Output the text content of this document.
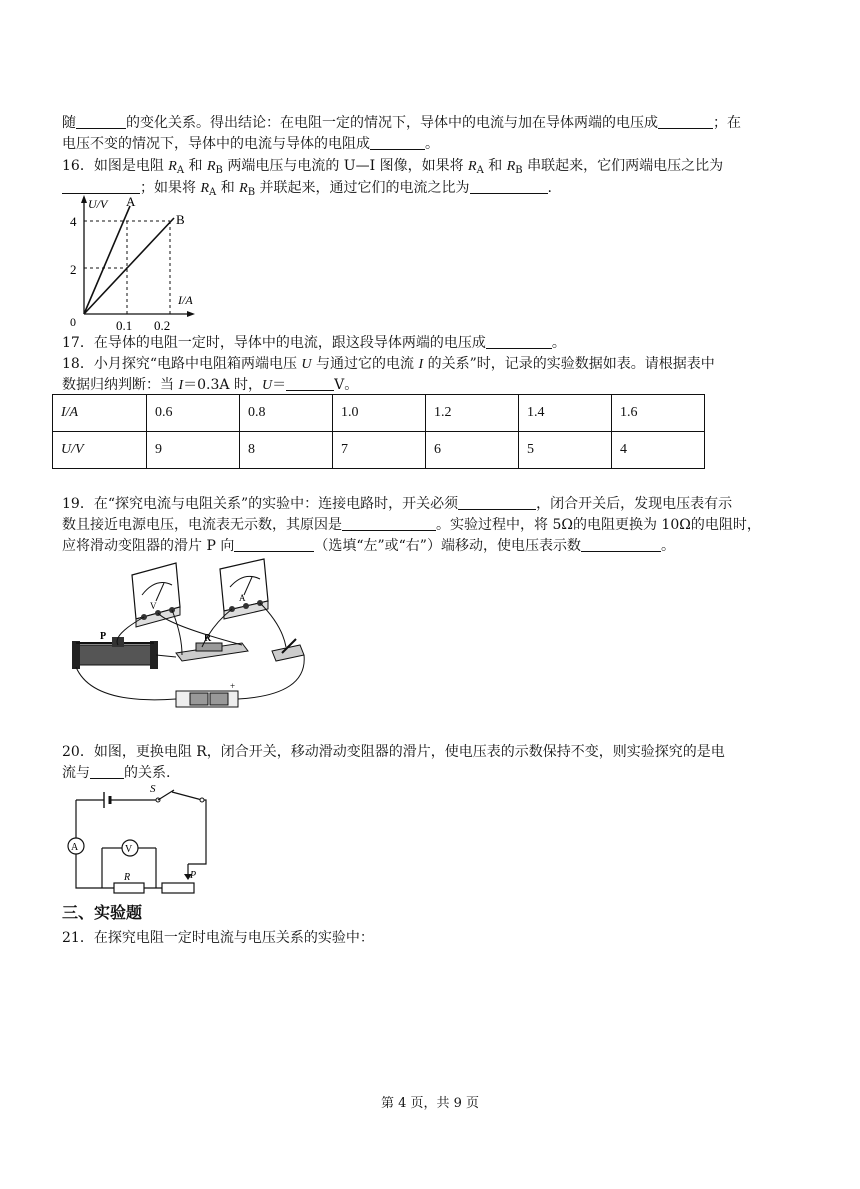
随	的变化关系。得出结论：在电阻一定的情况下，导体中的电流与加在导体两端的电压成	；在
电压不变的情况下，导体中的电流与导体的电阻成	。
16．如图是电阻 $R_A$ 和 $R_B$ 两端电压与电流的 U—I 图像，如果将 $R_A$ 和 $R_B$ 串联起来，它们两端电压之比为
；如果将 $R_A$ 和 $R_B$ 并联起来，通过它们的电流之比为	.
U/V
I/A
0
4
2
0.1 0.2
A
B
17．在导体的电阻一定时，导体中的电流，跟这段导体两端的电压成	。
18．小月探究“电路中电阻箱两端电压 U 与通过它的电流 I 的关系”时，记录的实验数据如表。请根据表中
数据归纳判断：当 I＝0.3A 时，U＝	V。
I/A	0.6	0.8	1.0	1.2	1.4	1.6
U/V	9	8	7	6	5	4
19．在“探究电流与电阻关系”的实验中：连接电路时，开关必须	，闭合开关后，发现电压表有示
数且接近电源电压，电流表无示数，其原因是	。实验过程中，将 5Ω的电阻更换为 10Ω的电阻时，
应将滑动变阻器的滑片 P 向	（选填“左”或“右”）端移动，使电压表示数	。
V
A
P	R
+
20．如图，更换电阻 R，闭合开关，移动滑动变阻器的滑片，使电压表的示数保持不变，则实验探究的是电
流与 的关系.
S
A	V
R	P
三、实验题
21．在探究电阻一定时电流与电压关系的实验中：
第 4 页，共 9 页
